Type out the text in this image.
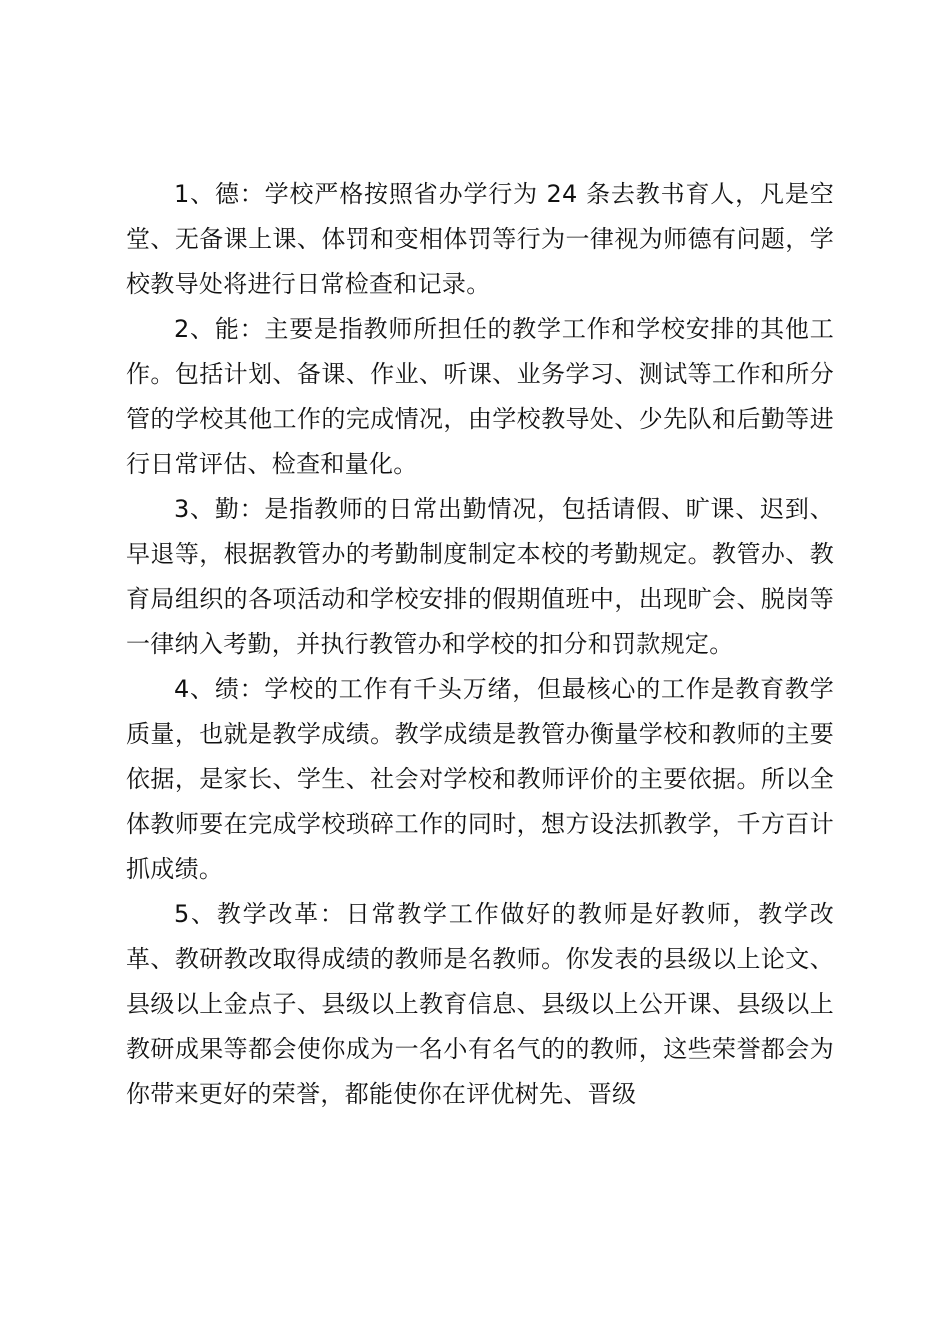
1、德：学校严格按照省办学行为 24 条去教书育人，凡是空堂、无备课上课、体罚和变相体罚等行为一律视为师德有问题，学校教导处将进行日常检查和记录。

2、能：主要是指教师所担任的教学工作和学校安排的其他工作。包括计划、备课、作业、听课、业务学习、测试等工作和所分管的学校其他工作的完成情况，由学校教导处、少先队和后勤等进行日常评估、检查和量化。

3、勤：是指教师的日常出勤情况，包括请假、旷课、迟到、早退等，根据教管办的考勤制度制定本校的考勤规定。教管办、教育局组织的各项活动和学校安排的假期值班中，出现旷会、脱岗等一律纳入考勤，并执行教管办和学校的扣分和罚款规定。

4、绩：学校的工作有千头万绪，但最核心的工作是教育教学质量，也就是教学成绩。教学成绩是教管办衡量学校和教师的主要依据，是家长、学生、社会对学校和教师评价的主要依据。所以全体教师要在完成学校琐碎工作的同时，想方设法抓教学，千方百计抓成绩。

5、教学改革：日常教学工作做好的教师是好教师，教学改革、教研教改取得成绩的教师是名教师。你发表的县级以上论文、县级以上金点子、县级以上教育信息、县级以上公开课、县级以上教研成果等都会使你成为一名小有名气的的教师，这些荣誉都会为你带来更好的荣誉，都能使你在评优树先、晋级
